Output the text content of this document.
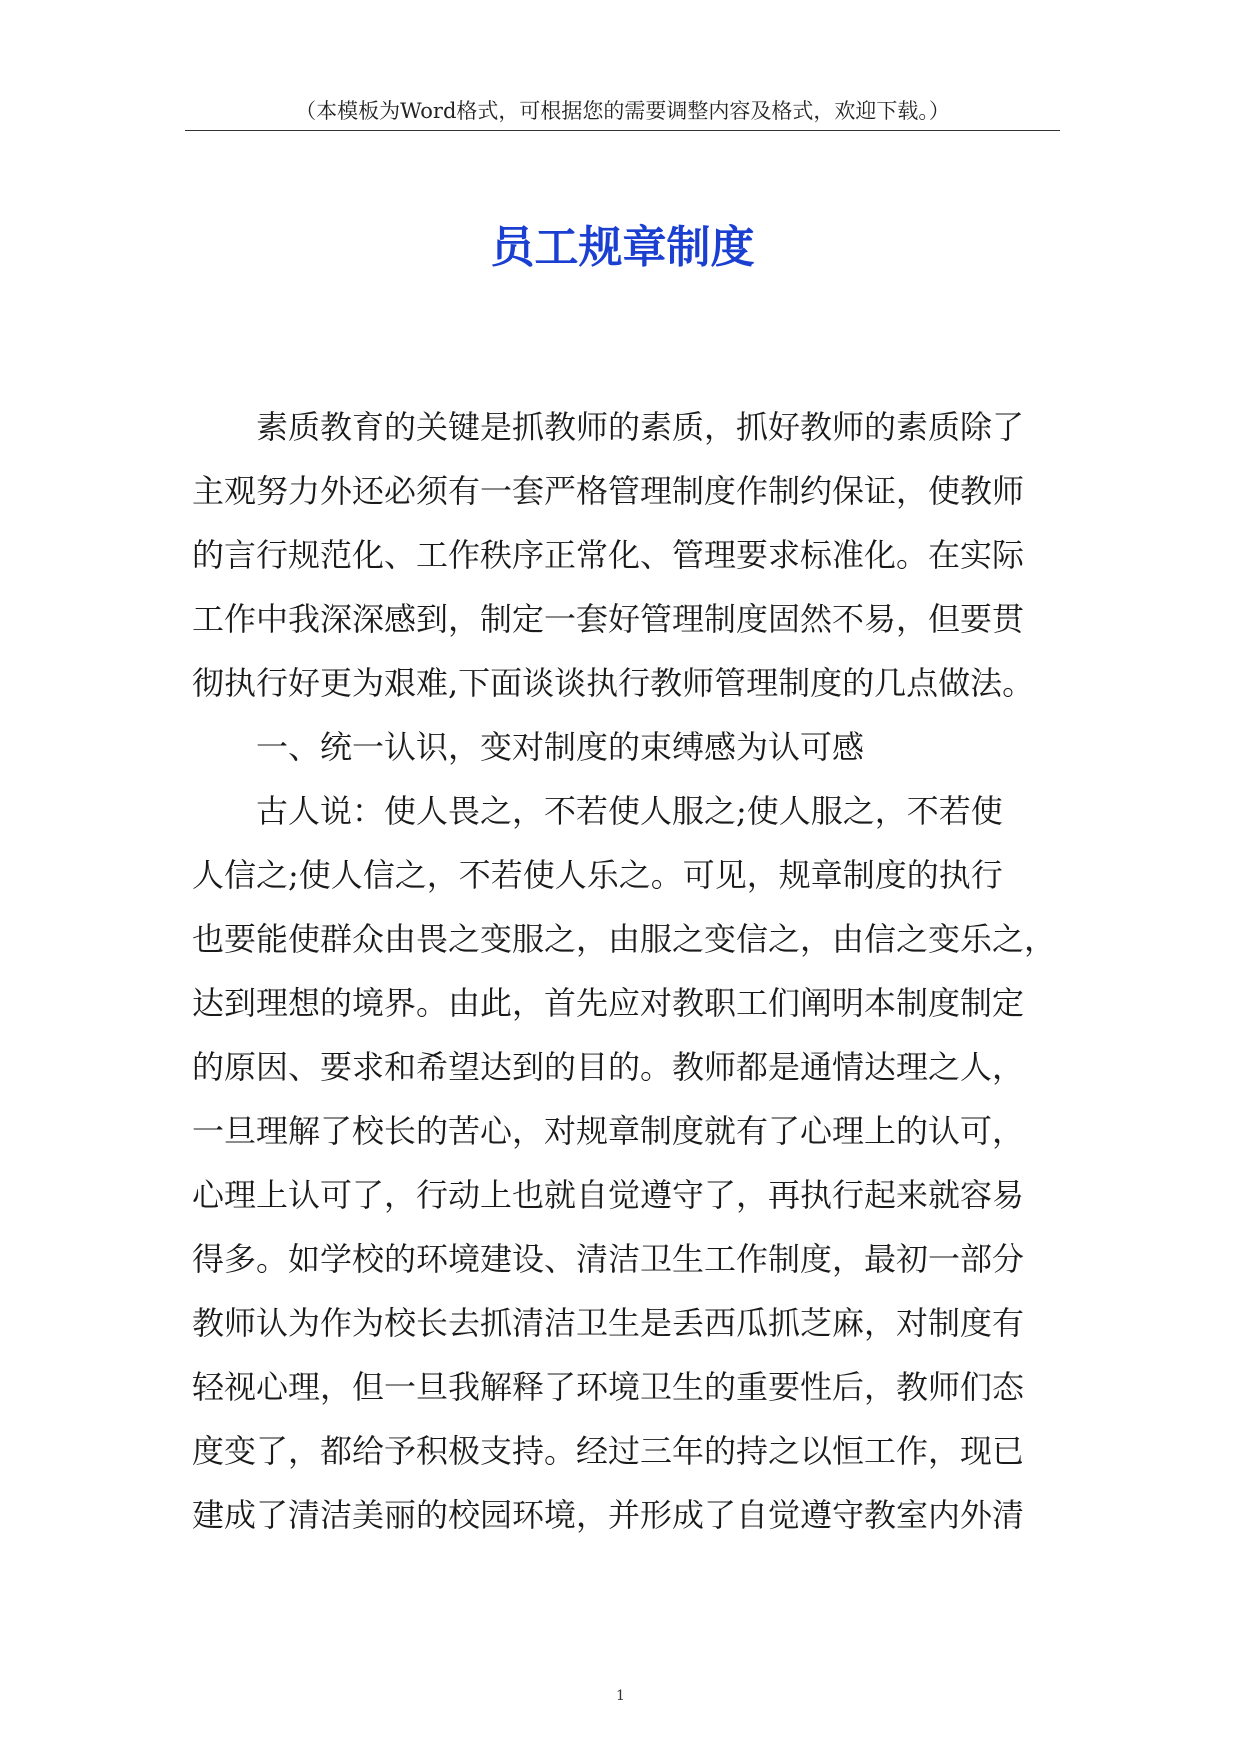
（本模板为Word格式，可根据您的需要调整内容及格式，欢迎下载。）
员工规章制度
素质教育的关键是抓教师的素质，抓好教师的素质除了
主观努力外还必须有一套严格管理制度作制约保证，使教师
的言行规范化、工作秩序正常化、管理要求标准化。在实际
工作中我深深感到，制定一套好管理制度固然不易，但要贯
彻执行好更为艰难,下面谈谈执行教师管理制度的几点做法。
一、统一认识，变对制度的束缚感为认可感
古人说：使人畏之，不若使人服之;使人服之，不若使
人信之;使人信之，不若使人乐之。可见，规章制度的执行
也要能使群众由畏之变服之，由服之变信之，由信之变乐之，
达到理想的境界。由此，首先应对教职工们阐明本制度制定
的原因、要求和希望达到的目的。教师都是通情达理之人，
一旦理解了校长的苦心，对规章制度就有了心理上的认可，
心理上认可了，行动上也就自觉遵守了，再执行起来就容易
得多。如学校的环境建设、清洁卫生工作制度，最初一部分
教师认为作为校长去抓清洁卫生是丢西瓜抓芝麻，对制度有
轻视心理，但一旦我解释了环境卫生的重要性后，教师们态
度变了，都给予积极支持。经过三年的持之以恒工作，现已
建成了清洁美丽的校园环境，并形成了自觉遵守教室内外清
1
